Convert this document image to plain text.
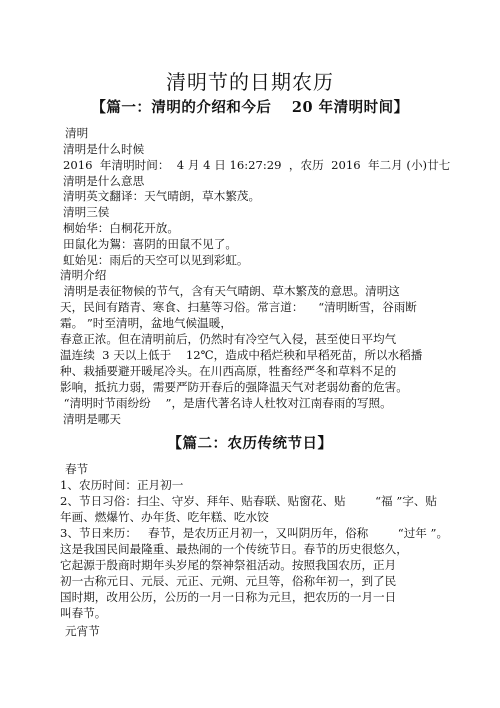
清明节的日期农历
【篇一：清明的介绍和今后　 20 年清明时间】
清明
清明是什么时候
2016  年清明时间：  4 月 4 日 16:27:29  ，农历  2016  年二月 (小)廿七
清明是什么意思
清明英文翻译：天气晴朗，草木繁茂。
清明三侯
桐始华：白桐花开放。
田鼠化为鴽：喜阴的田鼠不见了。
虹始见：雨后的天空可以见到彩虹。
清明介绍
清明是表征物候的节气，含有天气晴朗、草木繁茂的意思。清明这
天，民间有踏青、寒食、扫墓等习俗。常言道：    “清明断雪，谷雨断
霜。 ”时至清明，盆地气候温暖，
春意正浓。但在清明前后，仍然时有冷空气入侵，甚至使日平均气
温连续  3 天以上低于    12℃，造成中稻烂秧和早稻死苗，所以水稻播
种、栽插要避开暖尾冷头。在川西高原，牲畜经严冬和草料不足的
影响，抵抗力弱，需要严防开春后的强降温天气对老弱幼畜的危害。
“清明时节雨纷纷    ”，是唐代著名诗人杜牧对江南春雨的写照。
清明是哪天
【篇二：农历传统节日】
春节
1、农历时间：正月初一
2、节日习俗：扫尘、守岁、拜年、贴春联、贴窗花、贴        “福 ”字、贴
年画、燃爆竹、办年货、吃年糕、吃水饺
3、节日来历：   春节，是农历正月初一，又叫阴历年，俗称        “过年 ”。
这是我国民间最隆重、最热闹的一个传统节日。春节的历史很悠久，
它起源于殷商时期年头岁尾的祭神祭祖活动。按照我国农历，正月
初一古称元日、元辰、元正、元朔、元旦等，俗称年初一，到了民
国时期，改用公历，公历的一月一日称为元旦，把农历的一月一日
叫春节。
元宵节
